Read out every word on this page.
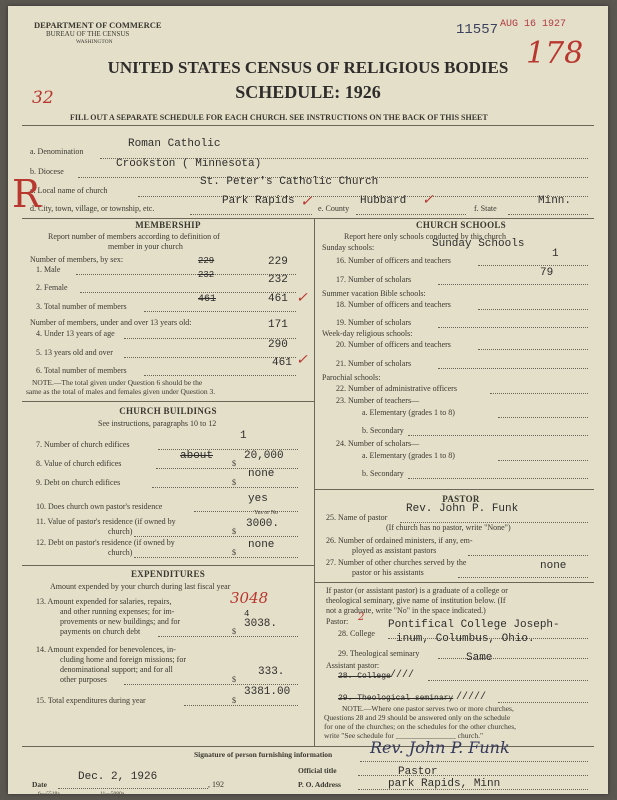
DEPARTMENT OF COMMERCE
BUREAU OF THE CENSUS
WASHINGTON
11557 AUG 16 1927
178
UNITED STATES CENSUS OF RELIGIOUS BODIES
32	SCHEDULE: 1926
FILL OUT A SEPARATE SCHEDULE FOR EACH CHURCH. SEE INSTRUCTIONS ON THE BACK OF THIS SHEET
a. Denomination
Roman Catholic
b. Diocese
Crookston ( Minnesota)
c. Local name of church
St. Peter's Catholic Church
d. City, town, village, or township, etc.
Park Rapids ✓ e. County
Hubbard ✓
f. State
Minn.
R
MEMBERSHIP
Report number of members according to definition of
member in your church
Number of members, by sex:
1. Male
229	229
2. Female
232	232
3. Total number of members
461	461 ✓
Number of members, under and over 13 years old:
4. Under 13 years of age
171
5. 13 years old and over
290
6. Total number of members
461 ✓
NOTE.—The total given under Question 6 should be the
same as the total of males and females given under Question 3.
CHURCH BUILDINGS
See instructions, paragraphs 10 to 12
7. Number of church edifices
1
8. Value of church edifices	$
about	20,000
9. Debt on church edifices	$
none
10. Does church own pastor's residence
yes
Yes or No
11. Value of pastor's residence (if owned by
church)	$
3000.
12. Debt on pastor's residence (if owned by
church)	$
none
EXPENDITURES
Amount expended by your church during last fiscal year
13. Amount expended for salaries, repairs,
and other running expenses; for im-
provements or new buildings; and for
payments on church debt	$
3048
4
3038.
14. Amount expended for benevolences, in-
cluding home and foreign missions; for
denominational support; and for all
other purposes	$
333.
15. Total expenditures during year	$
3381.00
CHURCH SCHOOLS
Report here only schools conducted by this church
Sunday schools:	Sunday Schools
16. Number of officers and teachers
1
17. Number of scholars
79
Summer vacation Bible schools:
18. Number of officers and teachers
19. Number of scholars
Week-day religious schools:
20. Number of officers and teachers
21. Number of scholars
Parochial schools:
22. Number of administrative officers
23. Number of teachers—
a. Elementary (grades 1 to 8)
b. Secondary
24. Number of scholars—
a. Elementary (grades 1 to 8)
b. Secondary
PASTOR
25. Name of pastor
Rev. John P. Funk
(If church has no pastor, write "None")
26. Number of ordained ministers, if any, em-
ployed as assistant pastors
27. Number of other churches served by the
pastor or his assistants
none
If pastor (or assistant pastor) is a graduate of a college or
theological seminary, give name of institution below. (If
not a graduate, write "No" in the space indicated.)
Pastor: 2
28. College
Pontifical College Joseph-
inum, Columbus, Ohio.
29. Theological seminary	Same
Assistant pastor:
28. College ////
29. Theological seminary /////
NOTE.—Where one pastor serves two or more churches,
Questions 28 and 29 should be answered only on the schedule
for one of the churches; on the schedules for the other churches,
write "See schedule for ________________ church."
Signature of person furnishing information Rev. John P. Funk
Official title	Pastor
Date
Dec. 2, 1926
, 192	P. O. Address	park Rapids, Minn
6—5518a	11—5080a
